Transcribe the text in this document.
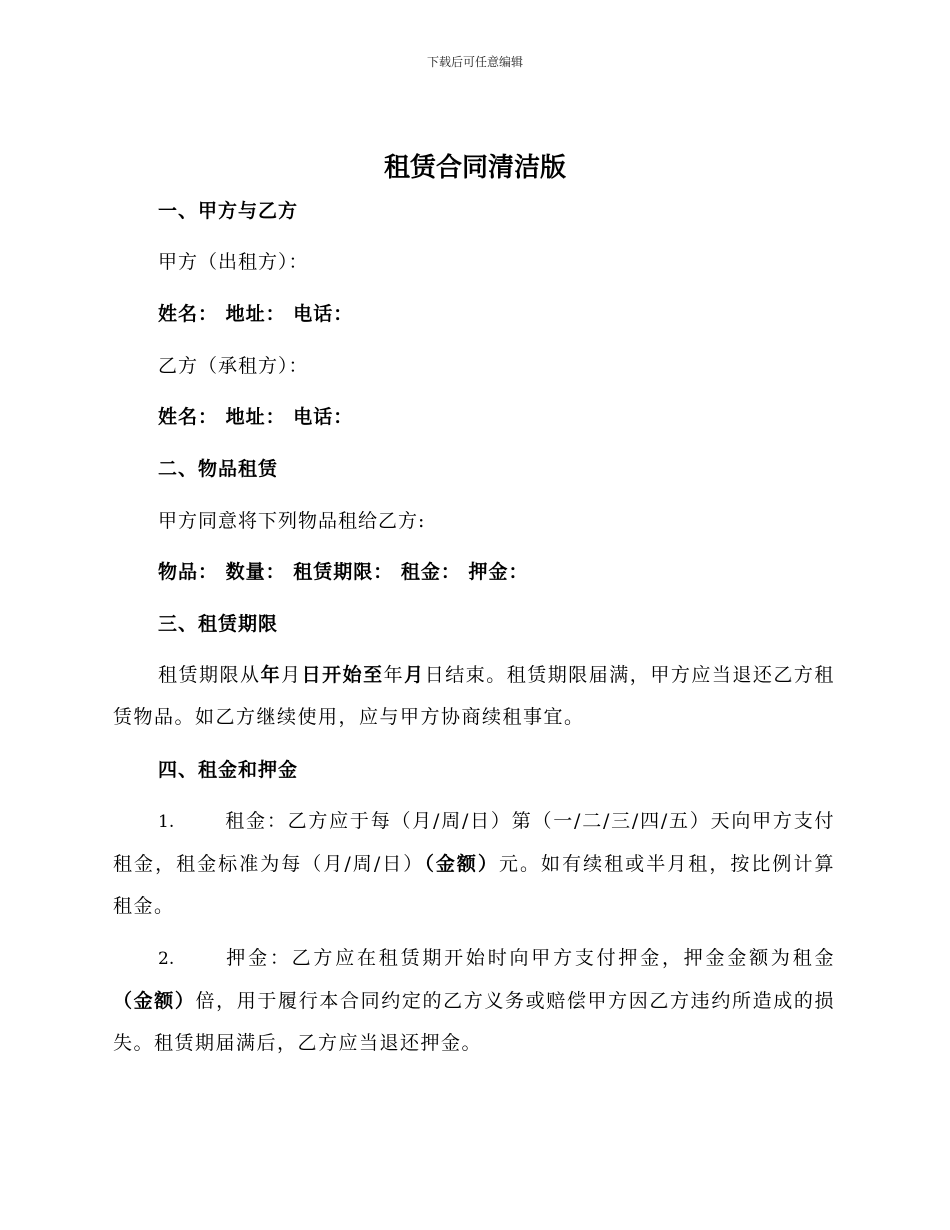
下载后可任意编辑
租赁合同清洁版
一、甲方与乙方
甲方（出租方）：
姓名： 地址： 电话：
乙方（承租方）：
姓名： 地址： 电话：
二、物品租赁
甲方同意将下列物品租给乙方:
物品： 数量： 租赁期限： 租金： 押金：
三、租赁期限

租赁期限从年月日开始至年月日结束。租赁期限届满，甲方应当退还乙方租赁物品。如乙方继续使用，应与甲方协商续租事宜。

四、租金和押金

1.	租金：乙方应于每（月/周/日）第（一/二/三/四/五）天向甲方支付租金，租金标准为每（月/周/日）（金额）元。如有续租或半月租，按比例计算租金。

2.	押金：乙方应在租赁期开始时向甲方支付押金，押金金额为租金（金额）倍，用于履行本合同约定的乙方义务或赔偿甲方因乙方违约所造成的损失。租赁期届满后，乙方应当退还押金。
